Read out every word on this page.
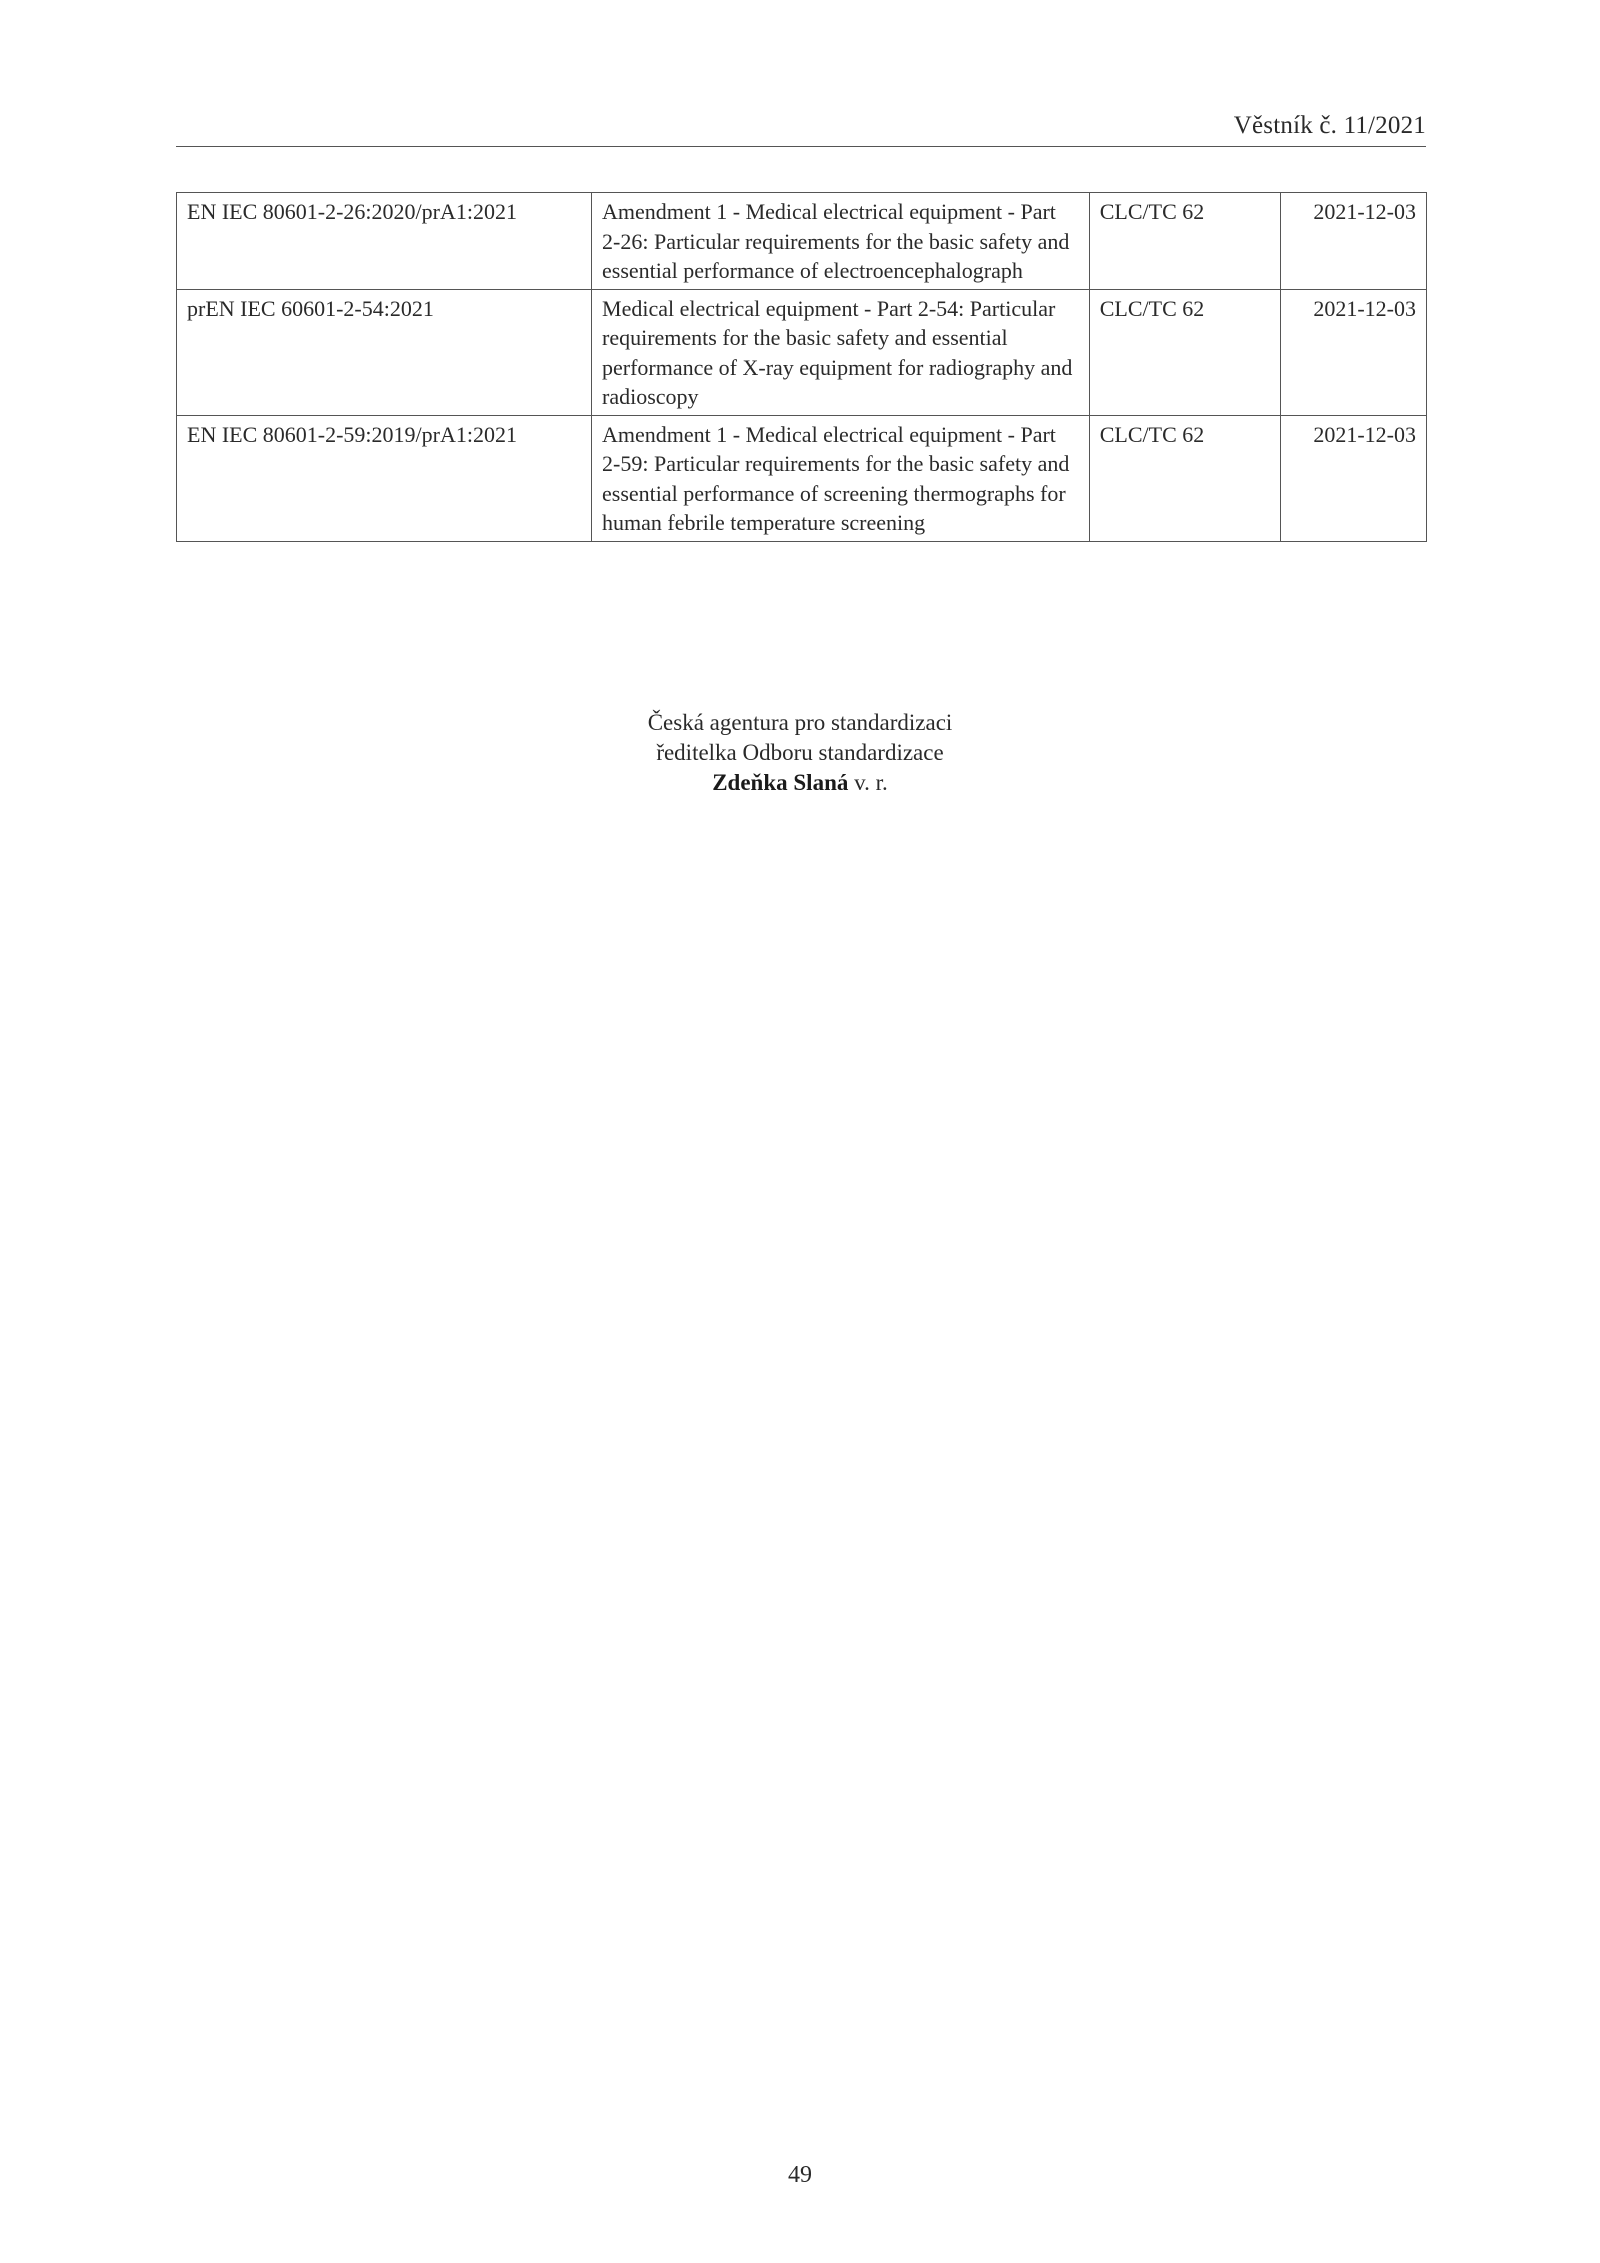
Věstník č. 11/2021
EN IEC 80601-2-26:2020/prA1:2021	Amendment 1 - Medical electrical equipment - Part 2-26: Particular requirements for the basic safety and essential performance of electroencephalograph	CLC/TC 62	2021-12-03
prEN IEC 60601-2-54:2021	Medical electrical equipment - Part 2-54: Particular requirements for the basic safety and essential performance of X-ray equipment for radiography and radioscopy	CLC/TC 62	2021-12-03
EN IEC 80601-2-59:2019/prA1:2021	Amendment 1 - Medical electrical equipment - Part 2-59: Particular requirements for the basic safety and essential performance of screening thermographs for human febrile temperature screening	CLC/TC 62	2021-12-03
Česká agentura pro standardizaci
ředitelka Odboru standardizace
Zdeňka Slaná v. r.
49
